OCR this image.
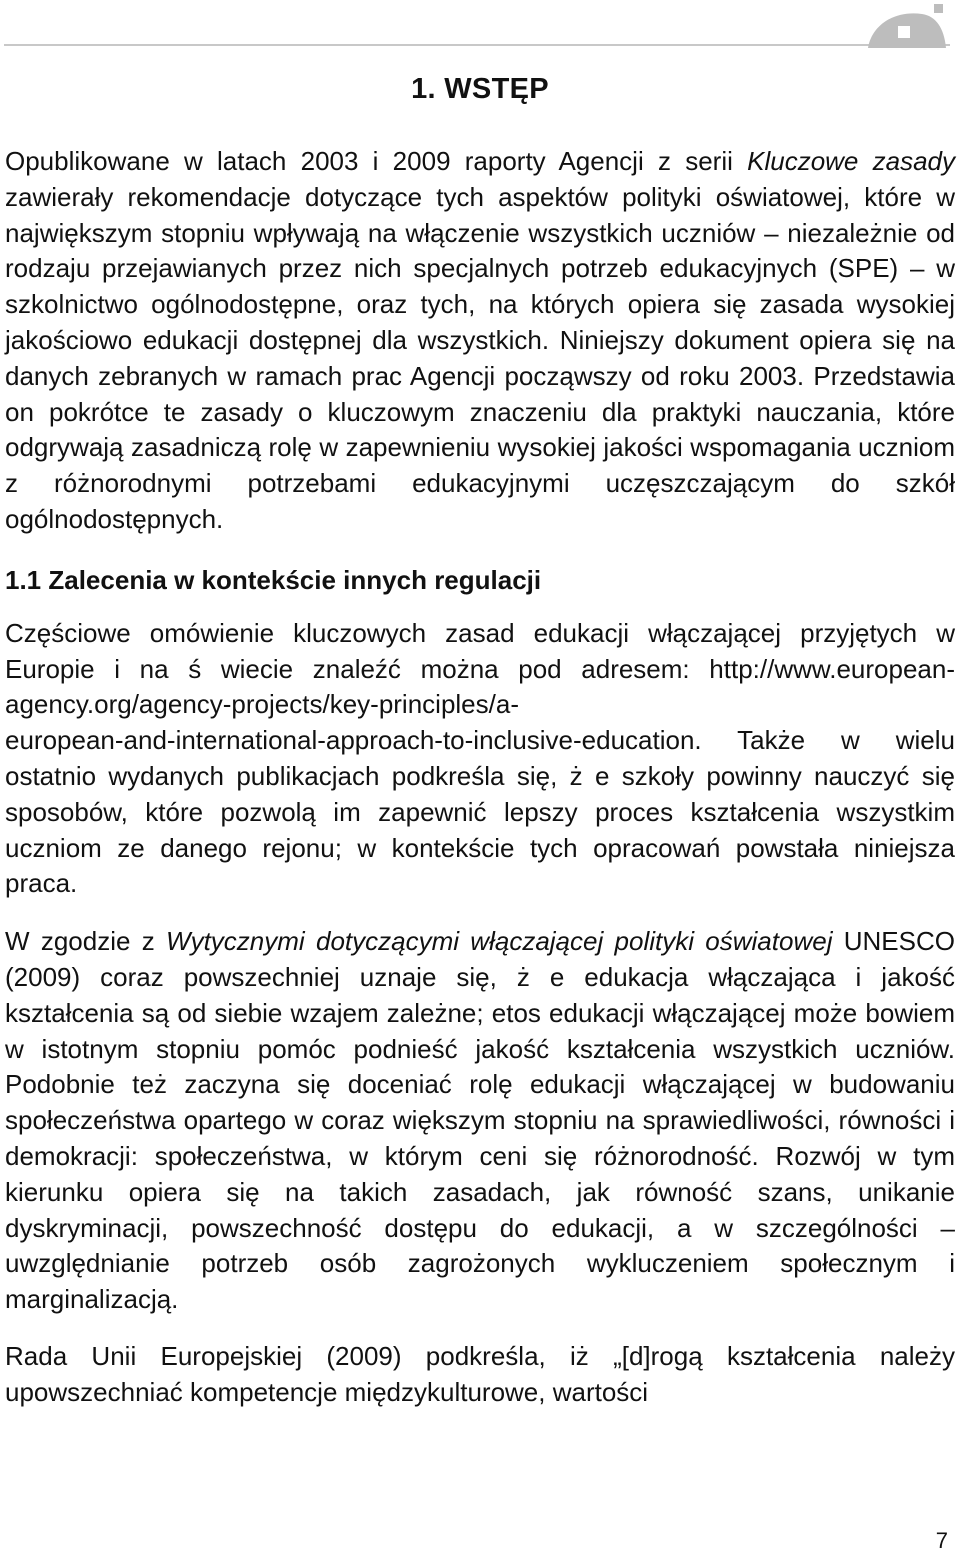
1. WSTĘP

Opublikowane w latach 2003 i 2009 raporty Agencji z serii Kluczowe zasady zawierały rekomendacje dotyczące tych aspektów polityki oświatowej, które w największym stopniu wpływają na włączenie wszystkich uczniów – niezależnie od rodzaju przejawianych przez nich specjalnych potrzeb edukacyjnych (SPE) – w szkolnictwo ogólnodostępne, oraz tych, na których opiera się zasada wysokiej jakościowo edukacji dostępnej dla wszystkich. Niniejszy dokument opiera się na danych zebranych w ramach prac Agencji począwszy od roku 2003. Przedstawia on pokrótce te zasady o kluczowym znaczeniu dla praktyki nauczania, które odgrywają zasadniczą rolę w zapewnieniu wysokiej jakości wspomagania uczniom z różnorodnymi potrzebami edukacyjnymi uczęszczającym do szkół ogólnodostępnych.

1.1 Zalecenia w kontekście innych regulacji

Częściowe omówienie kluczowych zasad edukacji włączającej przyjętych w Europie i na ś wiecie znaleźć można pod adresem: http://www.european-agency.org/agency-projects/key-principles/a-
european-and-international-approach-to-inclusive-education. Także w wielu ostatnio wydanych publikacjach podkreśla się, ż e szkoły powinny nauczyć się sposobów, które pozwolą im zapewnić lepszy proces kształcenia wszystkim uczniom ze danego rejonu; w kontekście tych opracowań powstała niniejsza praca.

W zgodzie z Wytycznymi dotyczącymi włączającej polityki oświatowej UNESCO (2009) coraz powszechniej uznaje się, ż e edukacja włączająca i jakość kształcenia są od siebie wzajem zależne; etos edukacji włączającej może bowiem w istotnym stopniu pomóc podnieść jakość kształcenia wszystkich uczniów. Podobnie też zaczyna się doceniać rolę edukacji włączającej w budowaniu społeczeństwa opartego w coraz większym stopniu na sprawiedliwości, równości i demokracji: społeczeństwa, w którym ceni się różnorodność. Rozwój w tym kierunku opiera się na takich zasadach, jak równość szans, unikanie dyskryminacji, powszechność dostępu do edukacji, a w szczególności – uwzględnianie potrzeb osób zagrożonych wykluczeniem społecznym i marginalizacją.

Rada Unii Europejskiej (2009) podkreśla, iż „[d]rogą kształcenia należy upowszechniać kompetencje międzykulturowe, wartości

7
